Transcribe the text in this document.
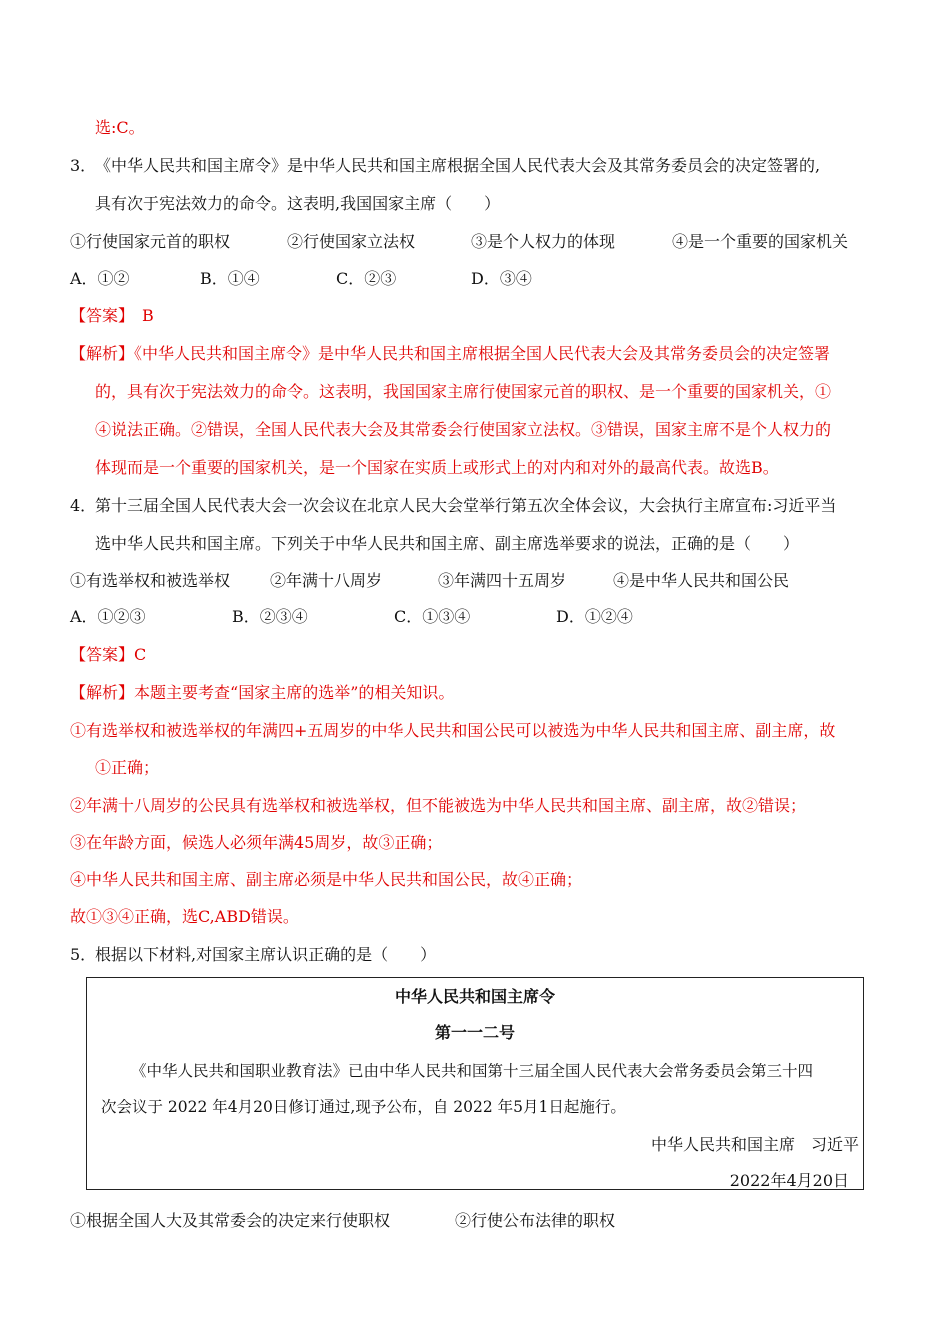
选:C。
3．
《中华人民共和国主席令》是中华人民共和国主席根据全国人民代表大会及其常务委员会的决定签署的,
具有次于宪法效力的命令。这表明,我国国家主席（　　）
①行使国家元首的职权	②行使国家立法权	③是个人权力的体现	④是一个重要的国家机关
A．①②	B．①④	C．②③	D．③④
【答案】 B
【解析】《中华人民共和国主席令》是中华人民共和国主席根据全国人民代表大会及其常务委员会的决定签署
的，具有次于宪法效力的命令。这表明，我国国家主席行使国家元首的职权、是一个重要的国家机关，①
④说法正确。②错误，全国人民代表大会及其常委会行使国家立法权。③错误，国家主席不是个人权力的
体现而是一个重要的国家机关，是一个国家在实质上或形式上的对内和对外的最高代表。故选B。
4．
第十三届全国人民代表大会一次会议在北京人民大会堂举行第五次全体会议，大会执行主席宣布:习近平当
选中华人民共和国主席。下列关于中华人民共和国主席、副主席选举要求的说法，正确的是（　　）
①有选举权和被选举权 ②年满十八周岁	③年满四十五周岁	④是中华人民共和国公民
A．①②③	B．②③④	C．①③④	D．①②④
【答案】C
【解析】本题主要考查“国家主席的选举”的相关知识。
①有选举权和被选举权的年满四+五周岁的中华人民共和国公民可以被选为中华人民共和国主席、副主席，故
①正确；
②年满十八周岁的公民具有选举权和被选举权，但不能被选为中华人民共和国主席、副主席，故②错误；
③在年龄方面，候选人必须年满45周岁，故③正确；
④中华人民共和国主席、副主席必须是中华人民共和国公民，故④正确；
故①③④正确，选C,ABD错误。
5．
根据以下材料,对国家主席认识正确的是（　　）
中华人民共和国主席令
第一一二号
《中华人民共和国职业教育法》已由中华人民共和国第十三届全国人民代表大会常务委员会第三十四
次会议于 2022 年4月20日修订通过,现予公布，自 2022 年5月1日起施行。
中华人民共和国主席　习近平
2022年4月20日
①根据全国人大及其常委会的决定来行使职权	②行使公布法律的职权
